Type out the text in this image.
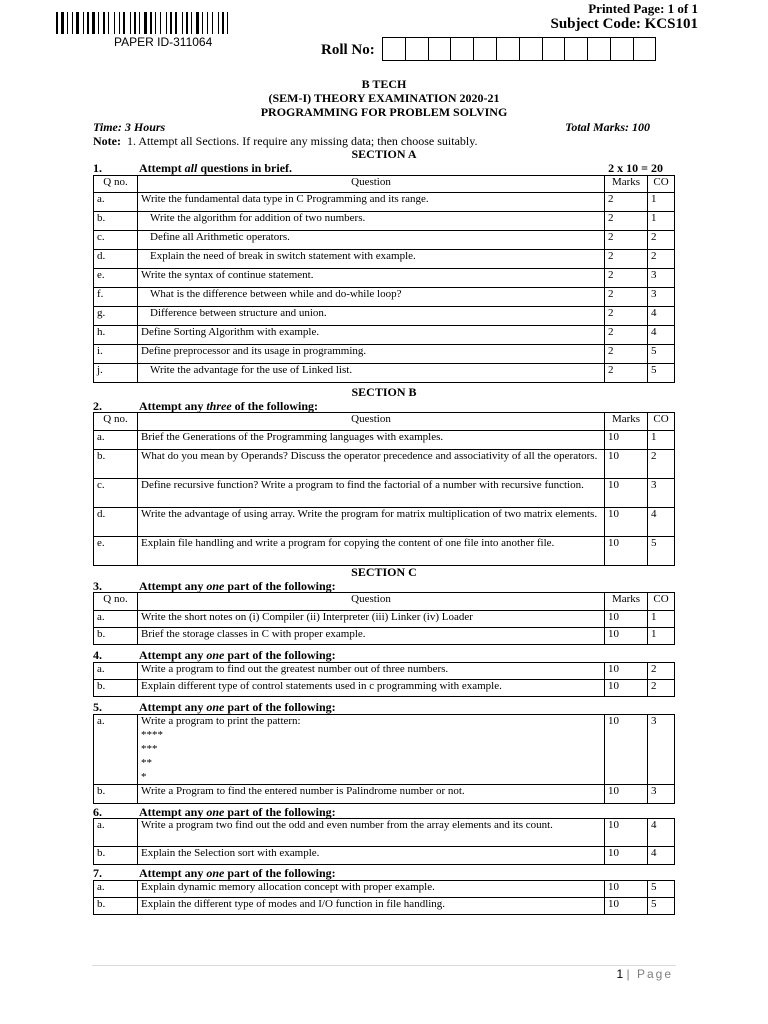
PAPER ID-311064
Printed Page: 1 of 1
Subject Code: KCS101
Roll No:
B TECH
(SEM-I) THEORY EXAMINATION 2020-21
PROGRAMMING FOR PROBLEM SOLVING
Time: 3 Hours	Total Marks: 100
Note: 1. Attempt all Sections. If require any missing data; then choose suitably.
SECTION A
1.	Attempt all questions in brief.	2 x 10 = 20
Q no.	Question	Marks	CO
a.	Write the fundamental data type in C Programming and its range.	2	1
b.	Write the algorithm for addition of two numbers.	2	1
c.	Define all Arithmetic operators.	2	2
d.	Explain the need of break in switch statement with example.	2	2
e.	Write the syntax of continue statement.	2	3
f.	What is the difference between while and do-while loop?	2	3
g.	Difference between structure and union.	2	4
h.	Define Sorting Algorithm with example.	2	4
i.	Define preprocessor and its usage in programming.	2	5
j.	Write the advantage for the use of Linked list.	2	5
SECTION B
2.	Attempt any three of the following:
Q no.	Question	Marks	CO
a.	Brief the Generations of the Programming languages with examples.	10	1
b.	What do you mean by Operands? Discuss the operator precedence and associativity of all the operators.	10	2
c.	Define recursive function? Write a program to find the factorial of a number with recursive function.	10	3
d.	Write the advantage of using array. Write the program for matrix multiplication of two matrix elements.	10	4
e.	Explain file handling and write a program for copying the content of one file into another file.	10	5
SECTION C
3.	Attempt any one part of the following:
Q no.	Question	Marks	CO
a.	Write the short notes on (i) Compiler (ii) Interpreter (iii) Linker (iv) Loader	10	1
b.	Brief the storage classes in C with proper example.	10	1
4.	Attempt any one part of the following:
a.	Write a program to find out the greatest number out of three numbers.	10	2
b.	Explain different type of control statements used in c programming with example.	10	2
5.	Attempt any one part of the following:
a.	Write a program to print the pattern:
****
***
**
*	10	3
b.	Write a Program to find the entered number is Palindrome number or not.	10	3
6.	Attempt any one part of the following:
a.	Write a program two find out the odd and even number from the array elements and its count.	10	4
b.	Explain the Selection sort with example.	10	4
7.	Attempt any one part of the following:
a.	Explain dynamic memory allocation concept with proper example.	10	5
b.	Explain the different type of modes and I/O function in file handling.	10	5
1 | Page
